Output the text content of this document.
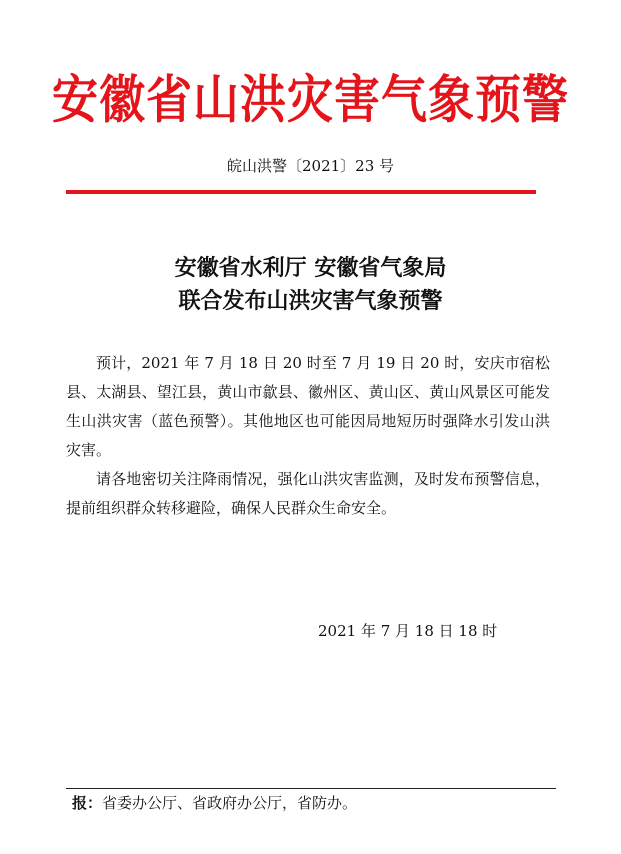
安徽省山洪灾害气象预警
皖山洪警〔2021〕23 号
安徽省水利厅 安徽省气象局
联合发布山洪灾害气象预警

预计，2021 年 7 月 18 日 20 时至 7 月 19 日 20 时，安庆市宿松县、太湖县、望江县，黄山市歙县、徽州区、黄山区、黄山风景区可能发生山洪灾害（蓝色预警）。其他地区也可能因局地短历时强降水引发山洪灾害。

请各地密切关注降雨情况，强化山洪灾害监测，及时发布预警信息，提前组织群众转移避险，确保人民群众生命安全。

2021 年 7 月 18 日 18 时
报：省委办公厅、省政府办公厅，省防办。
